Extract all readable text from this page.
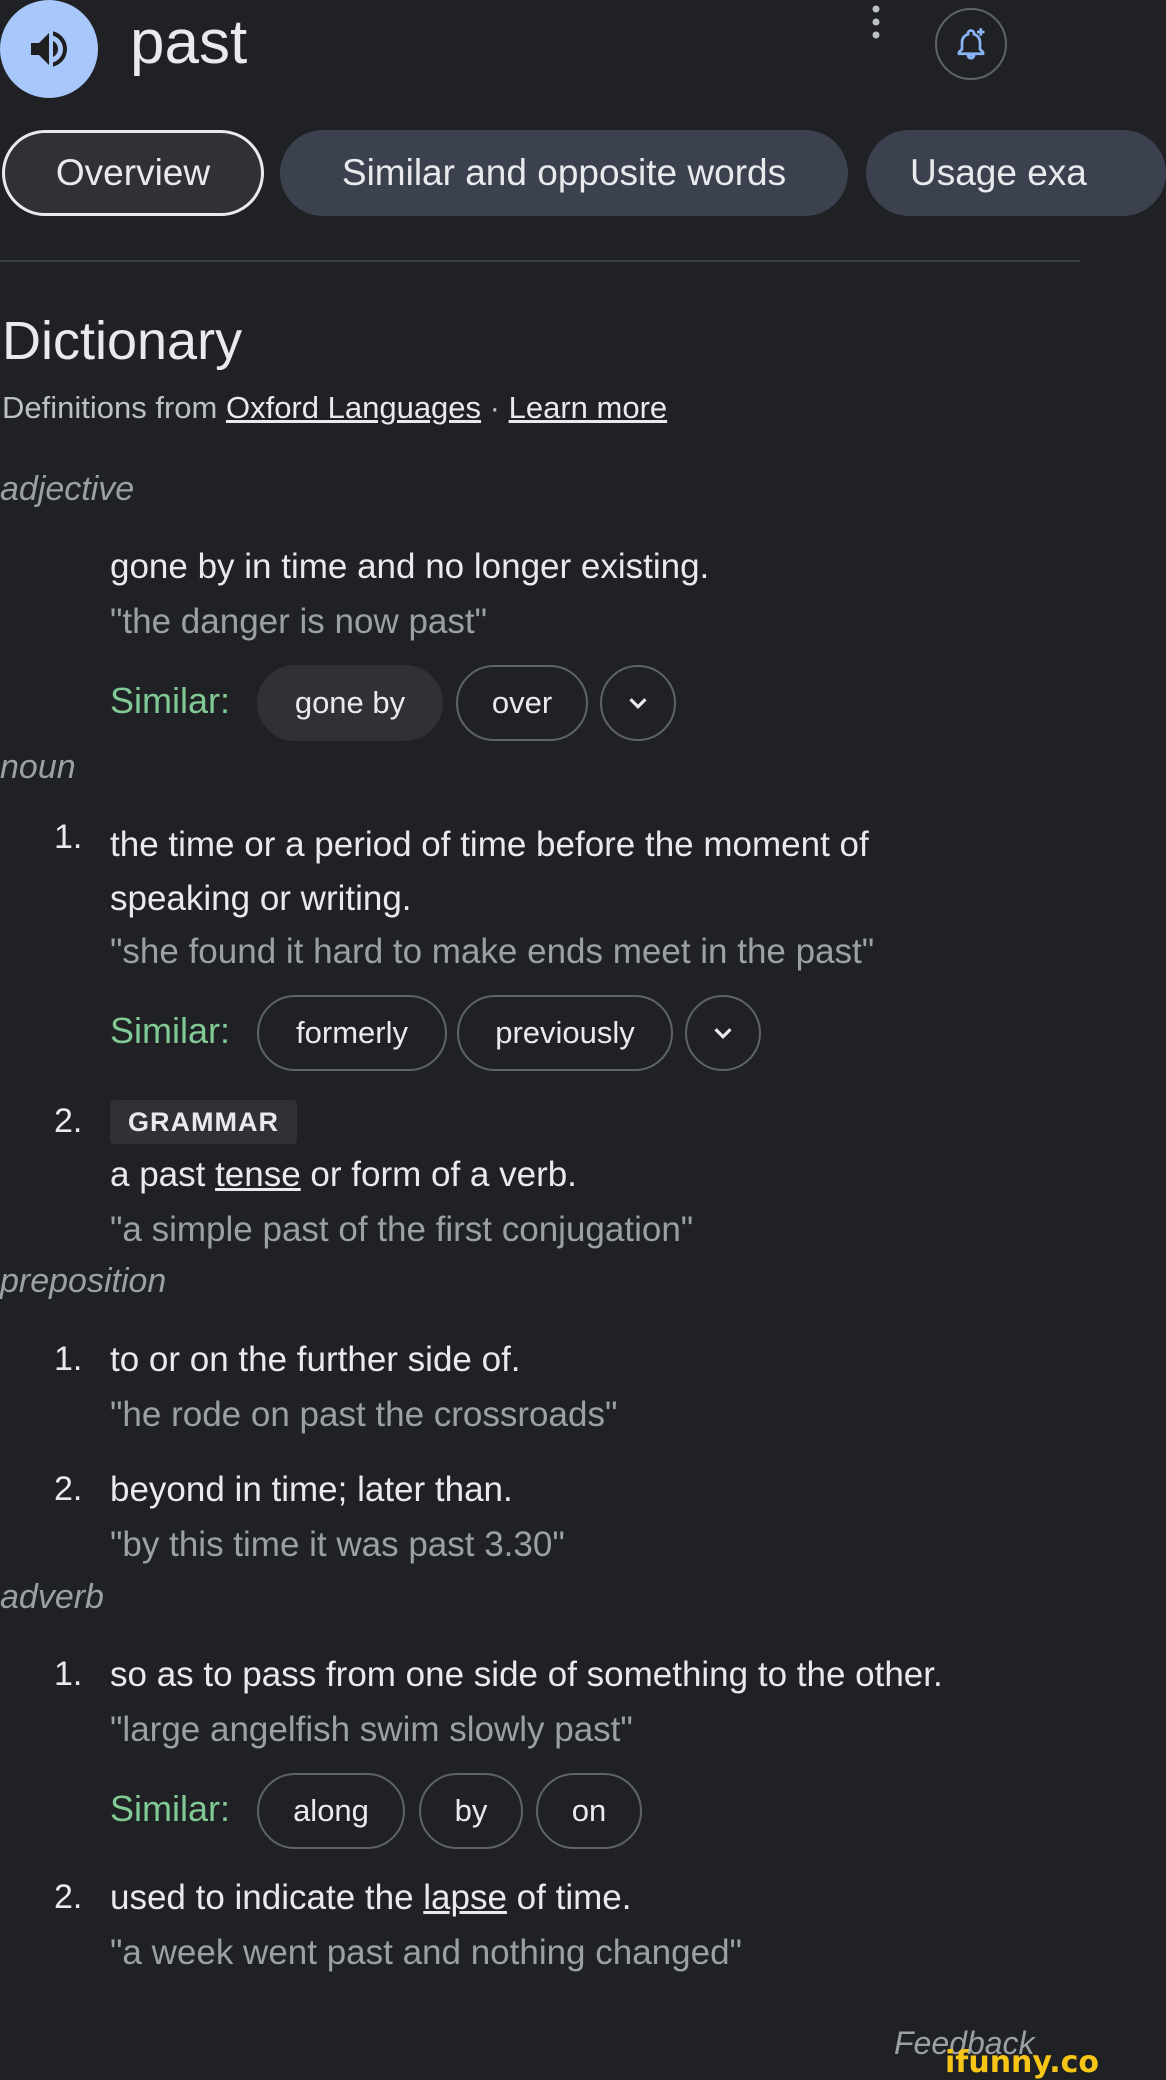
past
Overview	Similar and opposite words	Usage exa
Dictionary
Definitions from Oxford Languages · Learn more
adjective
gone by in time and no longer existing.
"the danger is now past"
Similar:	gone by	over
noun
1. the time or a period of time before the moment of speaking or writing.
"she found it hard to make ends meet in the past"
Similar:	formerly	previously
2.	GRAMMAR
a past tense or form of a verb.
"a simple past of the first conjugation"
preposition
1. to or on the further side of.
"he rode on past the crossroads"
2. beyond in time; later than.
"by this time it was past 3.30"
adverb
1. so as to pass from one side of something to the other.
"large angelfish swim slowly past"
Similar:	along	by	on
2. used to indicate the lapse of time.
"a week went past and nothing changed"
Feedback
ifunny.co
